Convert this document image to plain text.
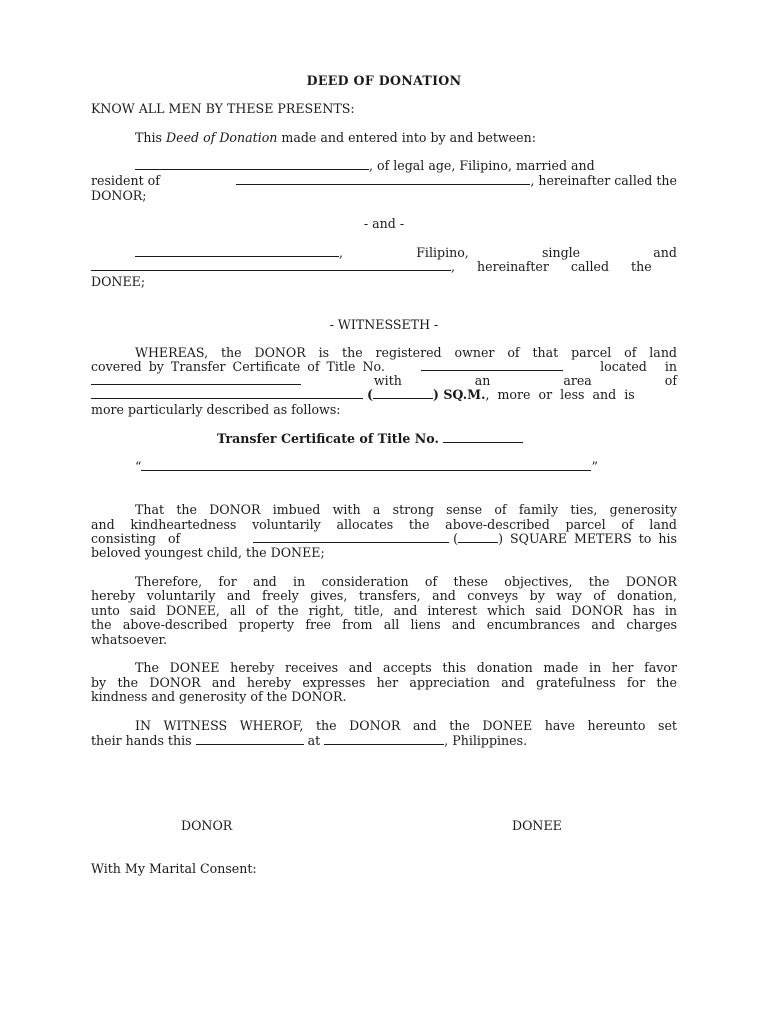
DEED OF DONATION
KNOW ALL MEN BY THESE PRESENTS:
This Deed of Donation made and entered into by and between:
, of legal age, Filipino, married and
resident of	, hereinafter called the
DONOR;
- and -
,	Filipino,	single	and
, hereinafter called the
DONEE;
- WITNESSETH -
WHEREAS, the DONOR is the registered owner of that parcel of land
covered by Transfer Certificate of Title No.	located in
with	an	area	of
(	) SQ.M., more or less and is
more particularly described as follows:
Transfer Certificate of Title No.
“	”
That the DONOR imbued with a strong sense of family ties, generosity
and kindheartedness voluntarily allocates the above-described parcel of land
consisting of	(	) SQUARE METERS to his
beloved youngest child, the DONEE;
Therefore, for and in consideration of these objectives, the DONOR
hereby voluntarily and freely gives, transfers, and conveys by way of donation,
unto said DONEE, all of the right, title, and interest which said DONOR has in
the above-described property free from all liens and encumbrances and charges
whatsoever.
The DONEE hereby receives and accepts this donation made in her favor
by the DONOR and hereby expresses her appreciation and gratefulness for the
kindness and generosity of the DONOR.
IN WITNESS WHEROF, the DONOR and the DONEE have hereunto set
their hands this	at	, Philippines.
DONOR	DONEE
With My Marital Consent:
